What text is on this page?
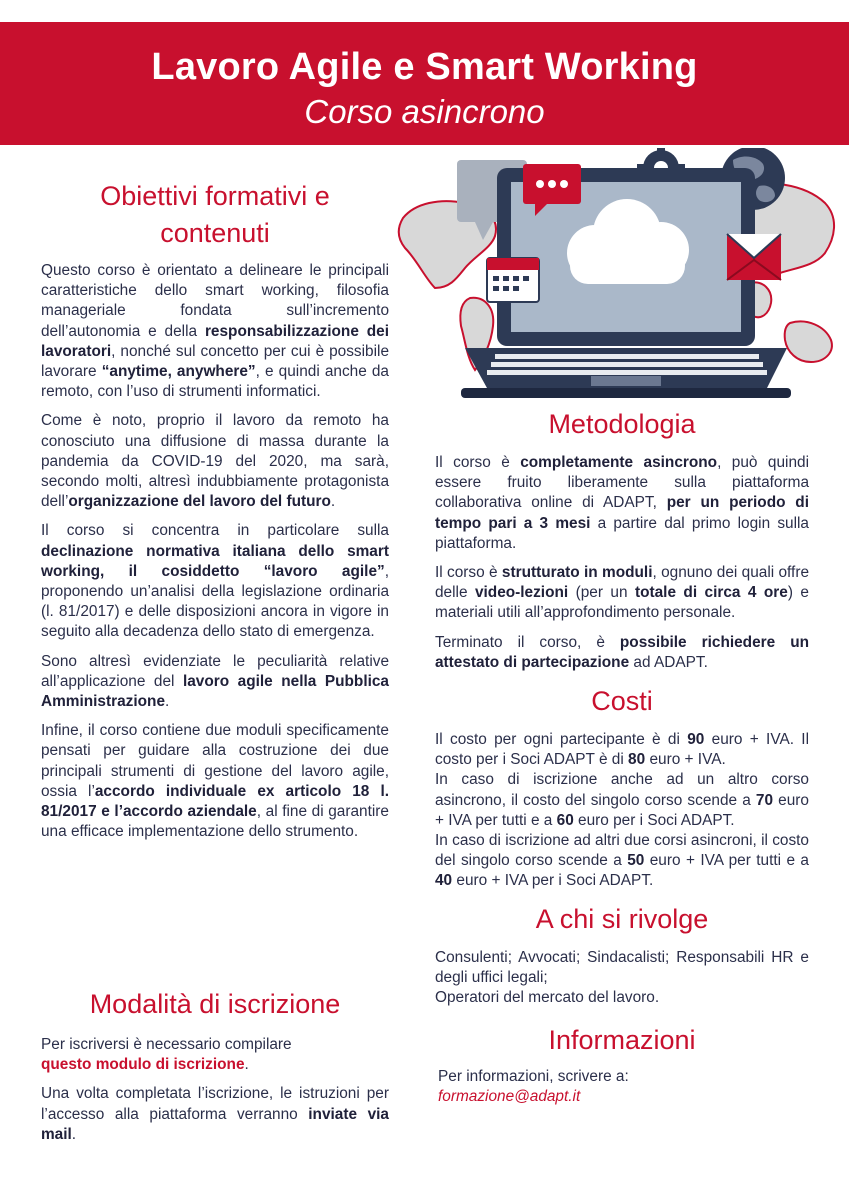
Lavoro Agile e Smart Working
Corso asincrono
Obiettivi formativi e
contenuti

Questo corso è orientato a delineare le principali caratteristiche dello smart working, filosofia manageriale fondata sull’incremento dell’autonomia e della responsabilizzazione dei lavoratori, nonché sul concetto per cui è possibile lavorare “anytime, anywhere”, e quindi anche da remoto, con l’uso di strumenti informatici.

Come è noto, proprio il lavoro da remoto ha conosciuto una diffusione di massa durante la pandemia da COVID-19 del 2020, ma sarà, secondo molti, altresì indubbiamente protagonista dell’organizzazione del lavoro del futuro.

Il corso si concentra in particolare sulla declinazione normativa italiana dello smart working, il cosiddetto “lavoro agile”, proponendo un’analisi della legislazione ordinaria (l. 81/2017) e delle disposizioni ancora in vigore in seguito alla decadenza dello stato di emergenza.

Sono altresì evidenziate le peculiarità relative all’applicazione del lavoro agile nella Pubblica Amministrazione.

Infine, il corso contiene due moduli specificamente pensati per guidare alla costruzione dei due principali strumenti di gestione del lavoro agile, ossia l’accordo individuale ex articolo 18 l. 81/2017 e l’accordo aziendale, al fine di garantire una efficace implementazione dello strumento.

Modalità di iscrizione

Per iscriversi è necessario compilare
questo modulo di iscrizione.

Una volta completata l’iscrizione, le istruzioni per l’accesso alla piattaforma verranno inviate via mail.

Metodologia

Il corso è completamente asincrono, può quindi essere fruito liberamente sulla piattaforma collaborativa online di ADAPT, per un periodo di tempo pari a 3 mesi a partire dal primo login sulla piattaforma.

Il corso è strutturato in moduli, ognuno dei quali offre delle video-lezioni (per un totale di circa 4 ore) e materiali utili all’approfondimento personale.

Terminato il corso, è possibile richiedere un attestato di partecipazione ad ADAPT.

Costi

Il costo per ogni partecipante è di 90 euro + IVA. Il costo per i Soci ADAPT è di 80 euro + IVA.
In caso di iscrizione anche ad un altro corso asincrono, il costo del singolo corso scende a 70 euro + IVA per tutti e a 60 euro per i Soci ADAPT.
In caso di iscrizione ad altri due corsi asincroni, il costo del singolo corso scende a 50 euro + IVA per tutti e a 40 euro + IVA per i Soci ADAPT.

A chi si rivolge

Consulenti; Avvocati; Sindacalisti; Responsabili HR e degli uffici legali;
Operatori del mercato del lavoro.

Informazioni

Per informazioni, scrivere a:
formazione@adapt.it
